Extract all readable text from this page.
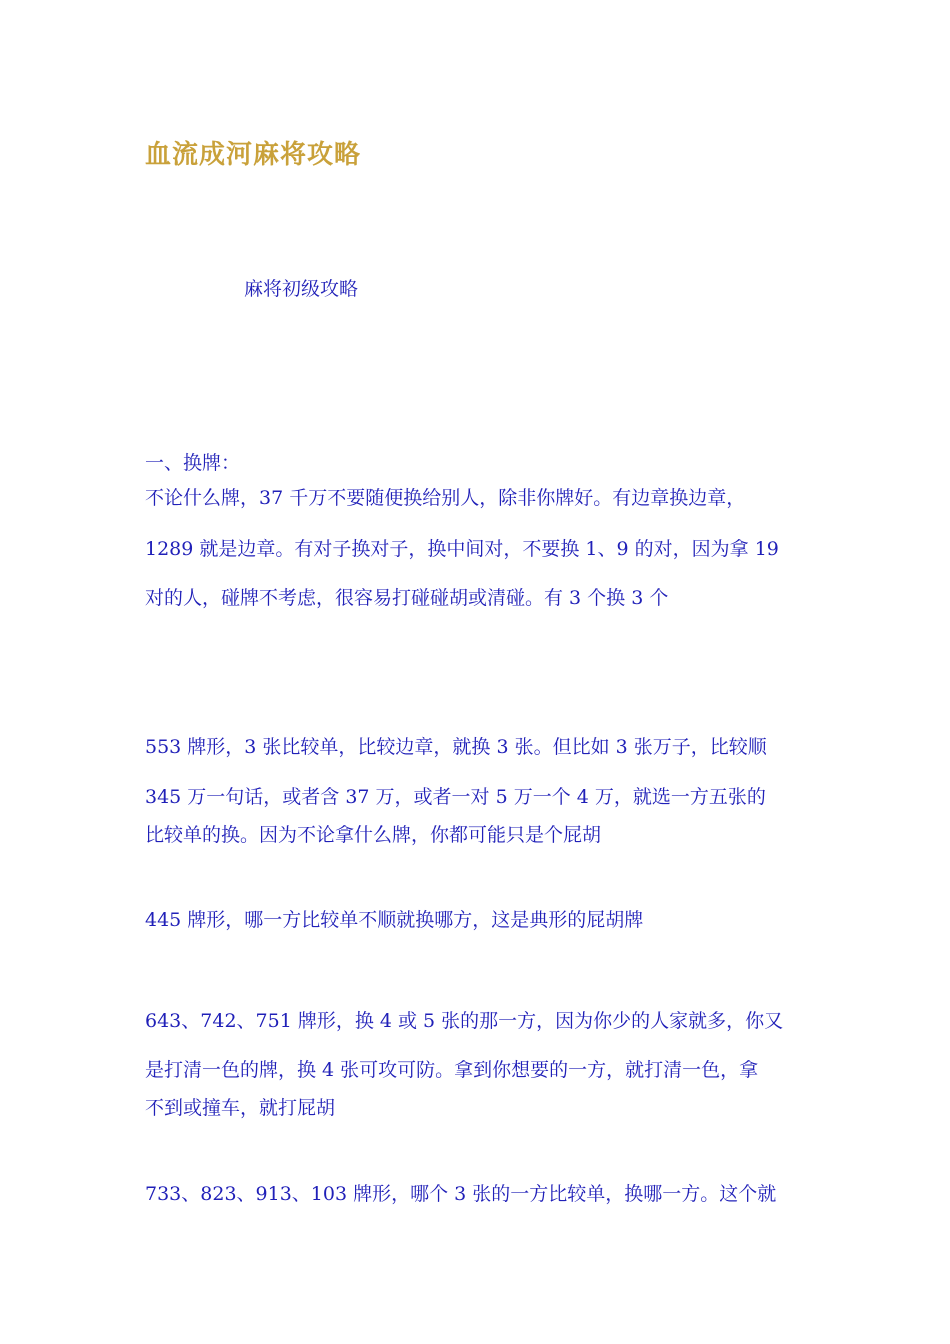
血流成河麻将攻略
麻将初级攻略
一、换牌：
不论什么牌，37 千万不要随便换给别人，除非你牌好。有边章换边章，
1289 就是边章。有对子换对子，换中间对，不要换 1、9 的对，因为拿 19
对的人，碰牌不考虑，很容易打碰碰胡或清碰。有 3 个换 3 个
553 牌形，3 张比较单，比较边章，就换 3 张。但比如 3 张万子，比较顺
345 万一句话，或者含 37 万，或者一对 5 万一个 4 万，就选一方五张的
比较单的换。因为不论拿什么牌，你都可能只是个屁胡
445 牌形，哪一方比较单不顺就换哪方，这是典形的屁胡牌
643、742、751 牌形，换 4 或 5 张的那一方，因为你少的人家就多，你又
是打清一色的牌，换 4 张可攻可防。拿到你想要的一方，就打清一色，拿
不到或撞车，就打屁胡
733、823、913、103 牌形，哪个 3 张的一方比较单，换哪一方。这个就
